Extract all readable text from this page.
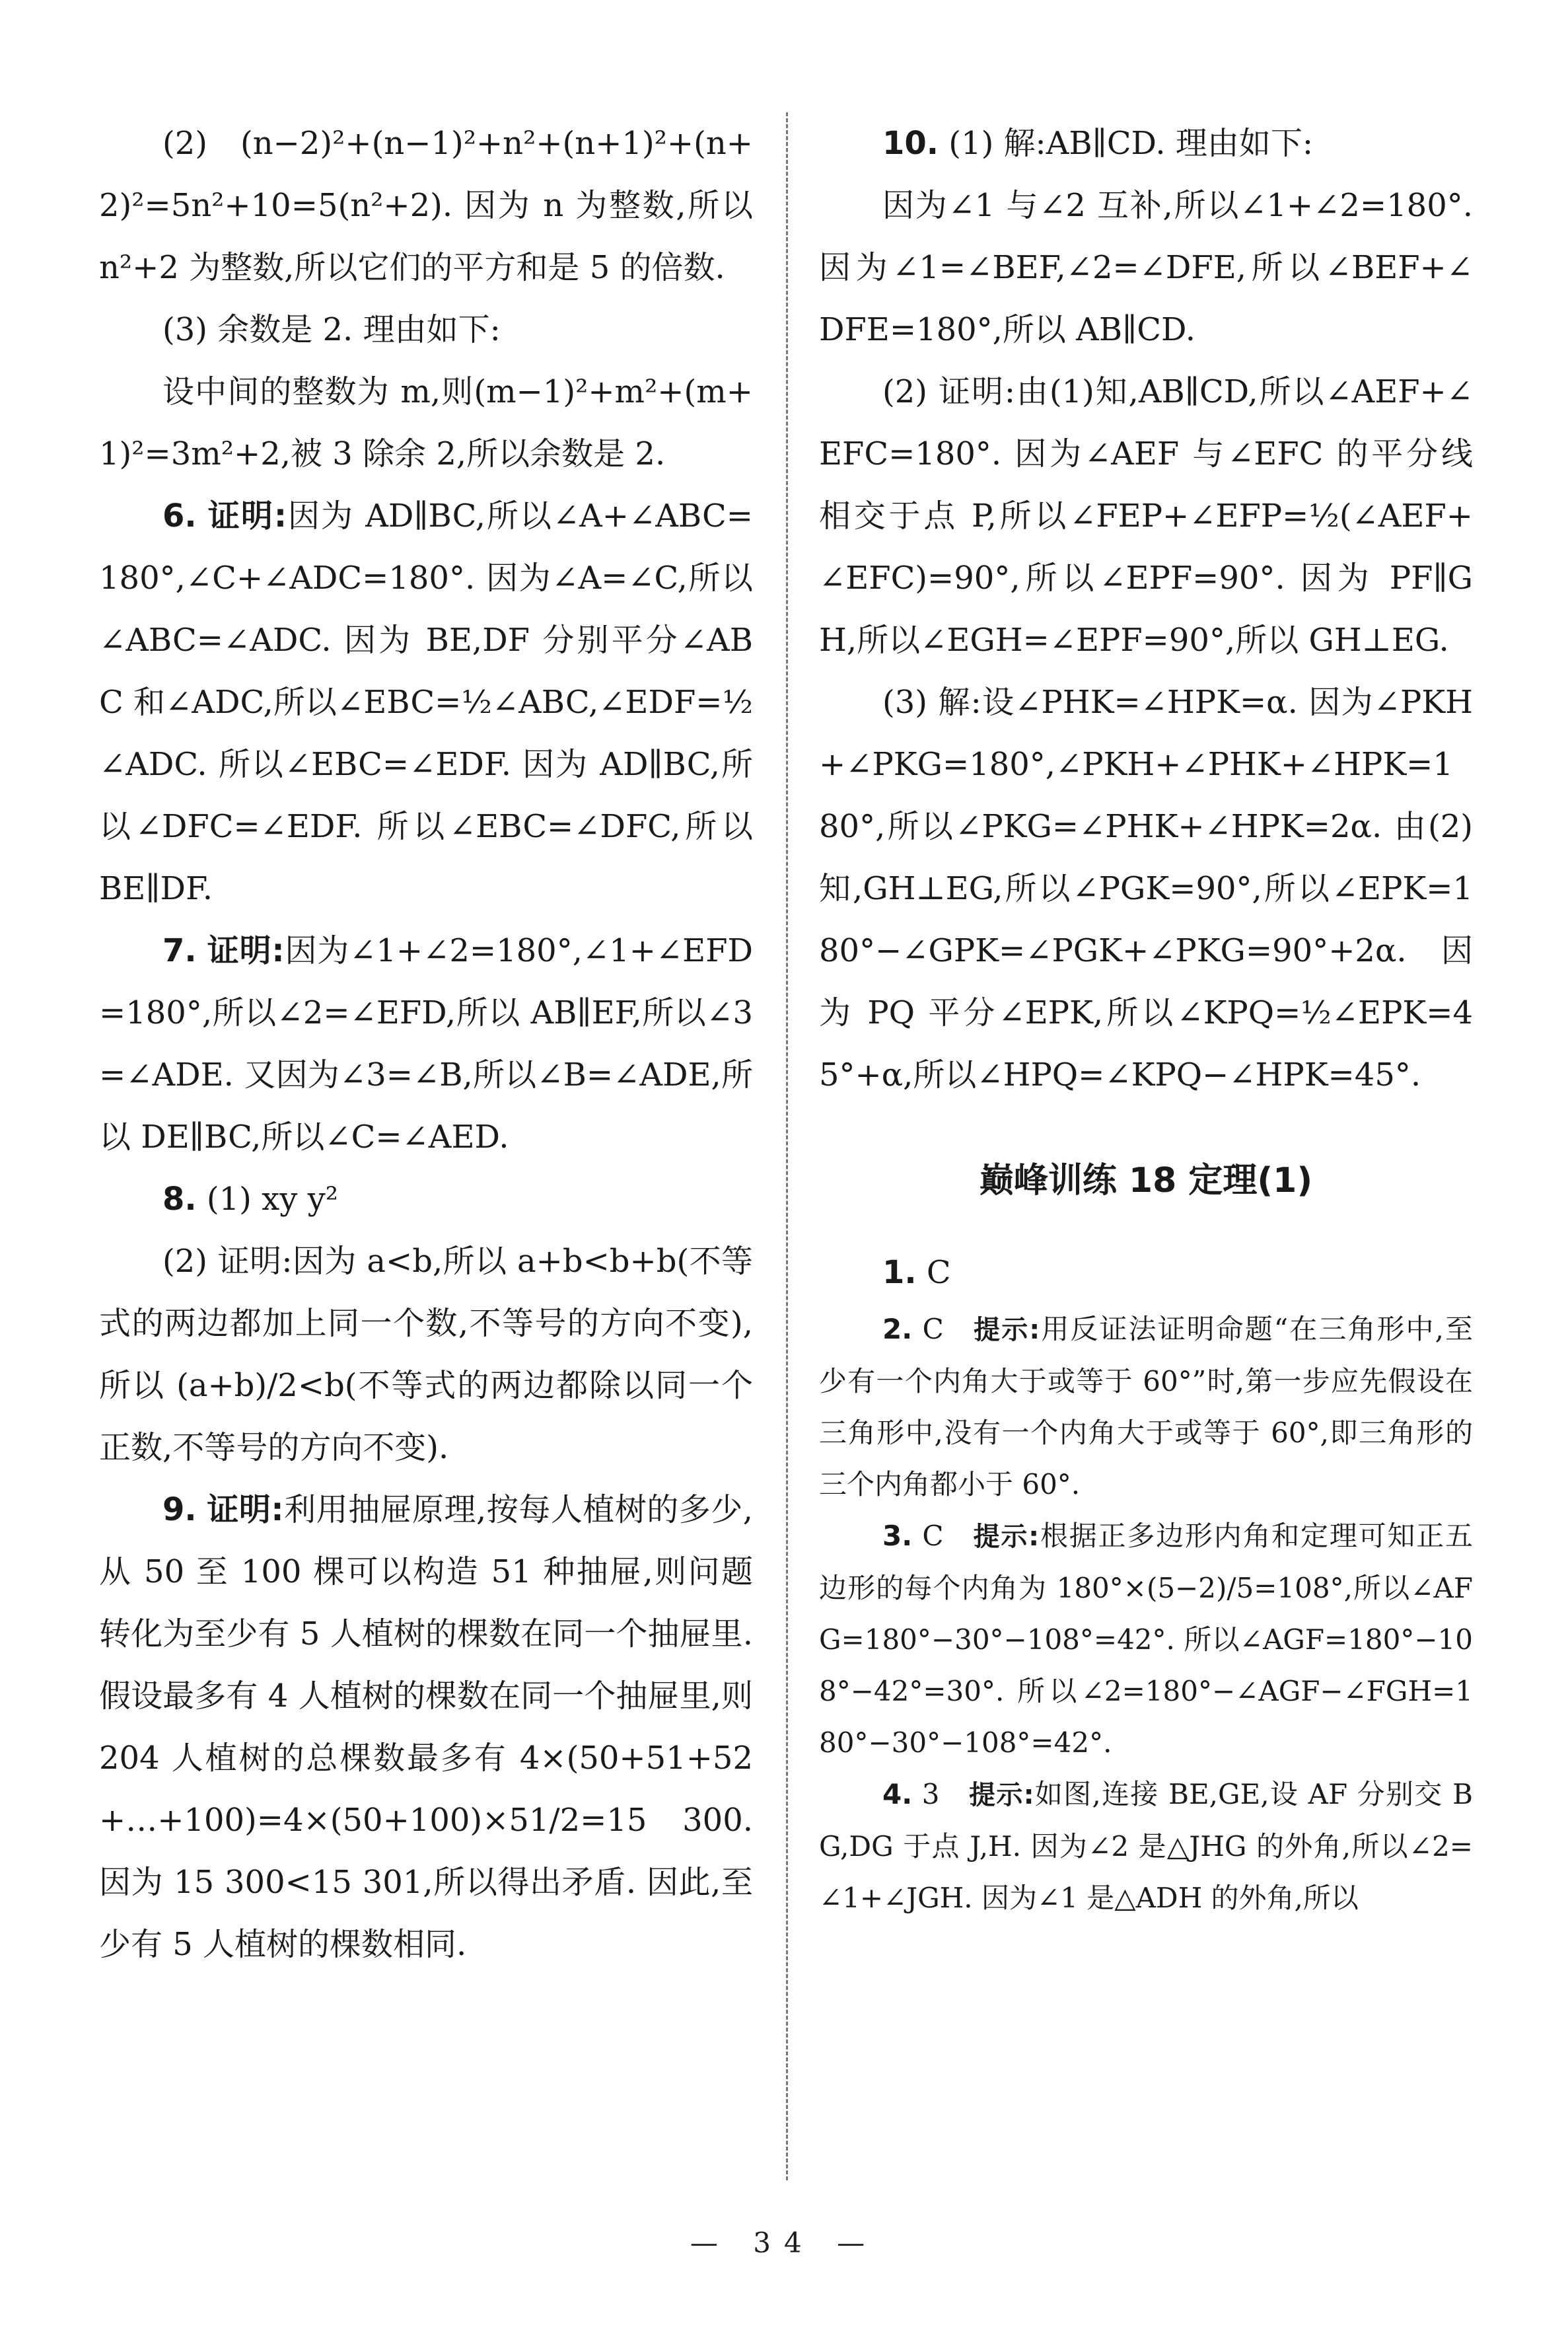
(2) (n−2)²+(n−1)²+n²+(n+1)²+(n+2)²=5n²+10=5(n²+2). 因为 n 为整数,所以 n²+2 为整数,所以它们的平方和是 5 的倍数.

(3) 余数是 2. 理由如下:

设中间的整数为 m,则(m−1)²+m²+(m+1)²=3m²+2,被 3 除余 2,所以余数是 2.

6. 证明:因为 AD∥BC,所以∠A+∠ABC=180°,∠C+∠ADC=180°. 因为∠A=∠C,所以∠ABC=∠ADC. 因为 BE,DF 分别平分∠ABC 和∠ADC,所以∠EBC=½∠ABC,∠EDF=½∠ADC. 所以∠EBC=∠EDF. 因为 AD∥BC,所以∠DFC=∠EDF. 所以∠EBC=∠DFC,所以 BE∥DF.

7. 证明:因为∠1+∠2=180°,∠1+∠EFD=180°,所以∠2=∠EFD,所以 AB∥EF,所以∠3=∠ADE. 又因为∠3=∠B,所以∠B=∠ADE,所以 DE∥BC,所以∠C=∠AED.

8. (1) xy y²

(2) 证明:因为 a<b,所以 a+b<b+b(不等式的两边都加上同一个数,不等号的方向不变),所以 (a+b)/2<b(不等式的两边都除以同一个正数,不等号的方向不变).

9. 证明:利用抽屉原理,按每人植树的多少,从 50 至 100 棵可以构造 51 种抽屉,则问题转化为至少有 5 人植树的棵数在同一个抽屉里. 假设最多有 4 人植树的棵数在同一个抽屉里,则 204 人植树的总棵数最多有 4×(50+51+52+…+100)=4×(50+100)×51/2=15 300. 因为 15 300<15 301,所以得出矛盾. 因此,至少有 5 人植树的棵数相同.

10. (1) 解:AB∥CD. 理由如下:

因为∠1 与∠2 互补,所以∠1+∠2=180°. 因为∠1=∠BEF,∠2=∠DFE,所以∠BEF+∠DFE=180°,所以 AB∥CD.

(2) 证明:由(1)知,AB∥CD,所以∠AEF+∠EFC=180°. 因为∠AEF 与∠EFC 的平分线相交于点 P,所以∠FEP+∠EFP=½(∠AEF+∠EFC)=90°,所以∠EPF=90°. 因为 PF∥GH,所以∠EGH=∠EPF=90°,所以 GH⊥EG.

(3) 解:设∠PHK=∠HPK=α. 因为∠PKH+∠PKG=180°,∠PKH+∠PHK+∠HPK=180°,所以∠PKG=∠PHK+∠HPK=2α. 由(2)知,GH⊥EG,所以∠PGK=90°,所以∠EPK=180°−∠GPK=∠PGK+∠PKG=90°+2α. 因为 PQ 平分∠EPK,所以∠KPQ=½∠EPK=45°+α,所以∠HPQ=∠KPQ−∠HPK=45°.

巅峰训练 18 定理(1)

1. C

2. C 提示:用反证法证明命题“在三角形中,至少有一个内角大于或等于 60°”时,第一步应先假设在三角形中,没有一个内角大于或等于 60°,即三角形的三个内角都小于 60°.

3. C 提示:根据正多边形内角和定理可知正五边形的每个内角为 180°×(5−2)/5=108°,所以∠AFG=180°−30°−108°=42°. 所以∠AGF=180°−108°−42°=30°. 所以∠2=180°−∠AGF−∠FGH=180°−30°−108°=42°.

4. 3 提示:如图,连接 BE,GE,设 AF 分别交 BG,DG 于点 J,H. 因为∠2 是△JHG 的外角,所以∠2=∠1+∠JGH. 因为∠1 是△ADH 的外角,所以

— 34 —
